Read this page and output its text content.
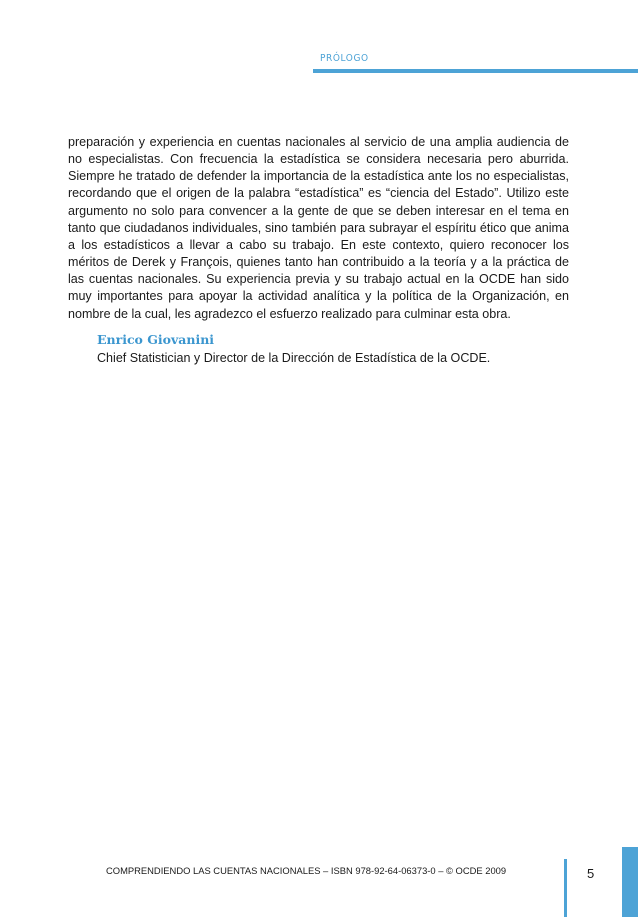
PRÓLOGO

preparación y experiencia en cuentas nacionales al servicio de una amplia audiencia de no especialistas. Con frecuencia la estadística se considera necesaria pero aburrida. Siempre he tratado de defender la importancia de la estadística ante los no especialistas, recordando que el origen de la palabra “estadística” es “ciencia del Estado”. Utilizo este argumento no solo para convencer a la gente de que se deben interesar en el tema en tanto que ciudadanos individuales, sino también para subrayar el espíritu ético que anima a los estadísticos a llevar a cabo su trabajo. En este contexto, quiero reconocer los méritos de Derek y François, quienes tanto han contribuido a la teoría y a la práctica de las cuentas nacionales. Su experiencia previa y su trabajo actual en la OCDE han sido muy importantes para apoyar la actividad analítica y la política de la Organización, en nombre de la cual, les agradezco el esfuerzo realizado para culminar esta obra.

Enrico Giovanini
Chief Statistician y Director de la Dirección de Estadística de la OCDE.
COMPRENDIENDO LAS CUENTAS NACIONALES – ISBN 978-92-64-06373-0 – © OCDE 2009	5
